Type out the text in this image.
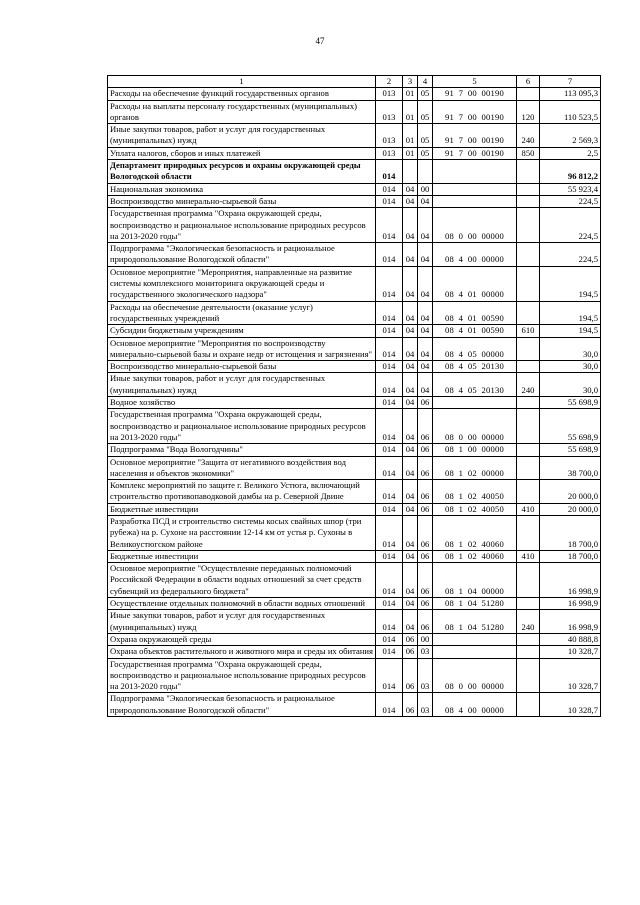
47
1	2	3	4	5	6	7
Расходы на обеспечение функций государственных органов	013	01	05	91  7  00  00190		113 095,3
Расходы на выплаты персоналу государственных (муниципальных) органов	013	01	05	91  7  00  00190	120	110 523,5
Иные закупки товаров, работ и услуг для государственных (муниципальных) нужд	013	01	05	91  7  00  00190	240	2 569,3
Уплата налогов, сборов и иных платежей	013	01	05	91  7  00  00190	850	2,5
Департамент природных ресурсов и охраны окружающей среды Вологодской области	014					96 812,2
Национальная экономика	014	04	00			55 923,4
Воспроизводство минерально-сырьевой базы	014	04	04			224,5
Государственная программа "Охрана окружающей среды, воспроизводство и рациональное использование природных ресурсов на 2013-2020 годы"	014	04	04	08  0  00  00000		224,5
Подпрограмма "Экологическая безопасность и рациональное природопользование Вологодской области"	014	04	04	08  4  00  00000		224,5
Основное мероприятие "Мероприятия, направленные на развитие системы комплексного мониторинга окружающей среды и государственного экологического надзора"	014	04	04	08  4  01  00000		194,5
Расходы на обеспечение деятельности (оказание услуг) государственных учреждений	014	04	04	08  4  01  00590		194,5
Субсидии бюджетным учреждениям	014	04	04	08  4  01  00590	610	194,5
Основное мероприятие "Мероприятия по воспроизводству минерально-сырьевой базы и охране недр от истощения и загрязнения"	014	04	04	08  4  05  00000		30,0
Воспроизводство минерально-сырьевой базы	014	04	04	08  4  05  20130		30,0
Иные закупки товаров, работ и услуг для государственных (муниципальных) нужд	014	04	04	08  4  05  20130	240	30,0
Водное хозяйство	014	04	06			55 698,9
Государственная программа "Охрана окружающей среды, воспроизводство и рациональное использование природных ресурсов на 2013-2020 годы"	014	04	06	08  0  00  00000		55 698,9
Подпрограмма "Вода Вологодчины"	014	04	06	08  1  00  00000		55 698,9
Основное мероприятие "Защита от негативного воздействия вод населения и объектов экономики"	014	04	06	08  1  02  00000		38 700,0
Комплекс мероприятий по защите г. Великого Устюга, включающий строительство противопаводковой дамбы на р. Северной Двине	014	04	06	08  1  02  40050		20 000,0
Бюджетные инвестиции	014	04	06	08  1  02  40050	410	20 000,0
Разработка ПСД и строительство системы косых свайных шпор (три рубежа) на р. Сухоне на расстоянии 12-14 км от устья р. Сухоны в Великоустюгском районе	014	04	06	08  1  02  40060		18 700,0
Бюджетные инвестиции	014	04	06	08  1  02  40060	410	18 700,0
Основное мероприятие "Осуществление переданных полномочий Российской Федерации в области водных отношений за счет средств субвенций из федерального бюджета"	014	04	06	08  1  04  00000		16 998,9
Осуществление отдельных полномочий в области водных отношений	014	04	06	08  1  04  51280		16 998,9
Иные закупки товаров, работ и услуг для государственных (муниципальных) нужд	014	04	06	08  1  04  51280	240	16 998,9
Охрана окружающей среды	014	06	00			40 888,8
Охрана объектов растительного и животного мира и среды их обитания	014	06	03			10 328,7
Государственная программа "Охрана окружающей среды, воспроизводство и рациональное использование природных ресурсов на 2013-2020 годы"	014	06	03	08  0  00  00000		10 328,7
Подпрограмма "Экологическая безопасность и рациональное природопользование Вологодской области"	014	06	03	08  4  00  00000		10 328,7
